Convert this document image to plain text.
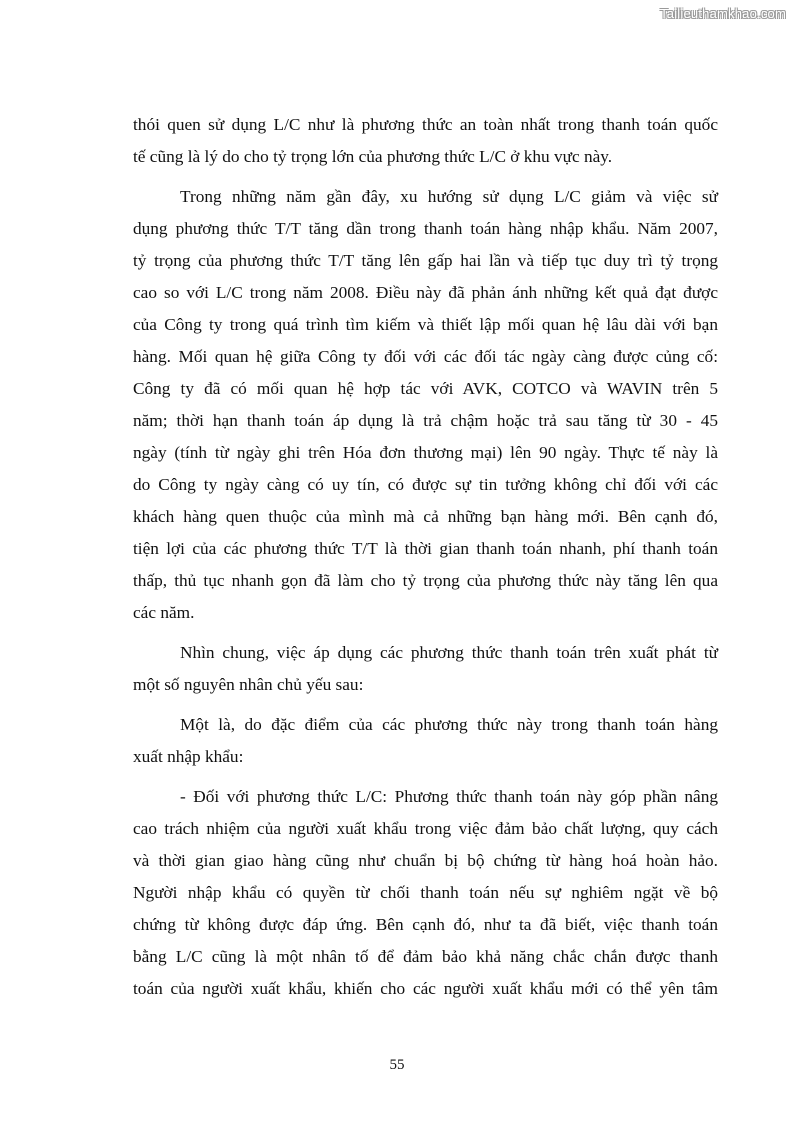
Tailieuthamkhao.com
thói quen sử dụng L/C như là phương thức an toàn nhất trong thanh toán quốc
tế cũng là lý do cho tỷ trọng lớn của phương thức L/C ở khu vực này.
Trong những năm gần đây, xu hướng sử dụng L/C giảm và việc sử
dụng phương thức T/T tăng dần trong thanh toán hàng nhập khẩu. Năm 2007,
tỷ trọng của phương thức T/T tăng lên gấp hai lần và tiếp tục duy trì tỷ trọng
cao so với L/C trong năm 2008. Điều này đã phản ánh những kết quả đạt được
của Công ty trong quá trình tìm kiếm và thiết lập mối quan hệ lâu dài với bạn
hàng. Mối quan hệ giữa Công ty đối với các đối tác ngày càng được củng cố:
Công ty đã có mối quan hệ hợp tác với AVK, COTCO và WAVIN trên 5
năm; thời hạn thanh toán áp dụng là trả chậm hoặc trả sau tăng từ 30 - 45
ngày (tính từ ngày ghi trên Hóa đơn thương mại) lên 90 ngày. Thực tế này là
do Công ty ngày càng có uy tín, có được sự tin tưởng không chỉ đối với các
khách hàng quen thuộc của mình mà cả những bạn hàng mới. Bên cạnh đó,
tiện lợi của các phương thức T/T là thời gian thanh toán nhanh, phí thanh toán
thấp, thủ tục nhanh gọn đã làm cho tỷ trọng của phương thức này tăng lên qua
các năm.
Nhìn chung, việc áp dụng các phương thức thanh toán trên xuất phát từ
một số nguyên nhân chủ yếu sau:
Một là, do đặc điểm của các phương thức này trong thanh toán hàng
xuất nhập khẩu:
- Đối với phương thức L/C: Phương thức thanh toán này góp phần nâng
cao trách nhiệm của người xuất khẩu trong việc đảm bảo chất lượng, quy cách
và thời gian giao hàng cũng như chuẩn bị bộ chứng từ hàng hoá hoàn hảo.
Người nhập khẩu có quyền từ chối thanh toán nếu sự nghiêm ngặt về bộ
chứng từ không được đáp ứng. Bên cạnh đó, như ta đã biết, việc thanh toán
bằng L/C cũng là một nhân tố để đảm bảo khả năng chắc chắn được thanh
toán của người xuất khẩu, khiến cho các người xuất khẩu mới có thể yên tâm
55
